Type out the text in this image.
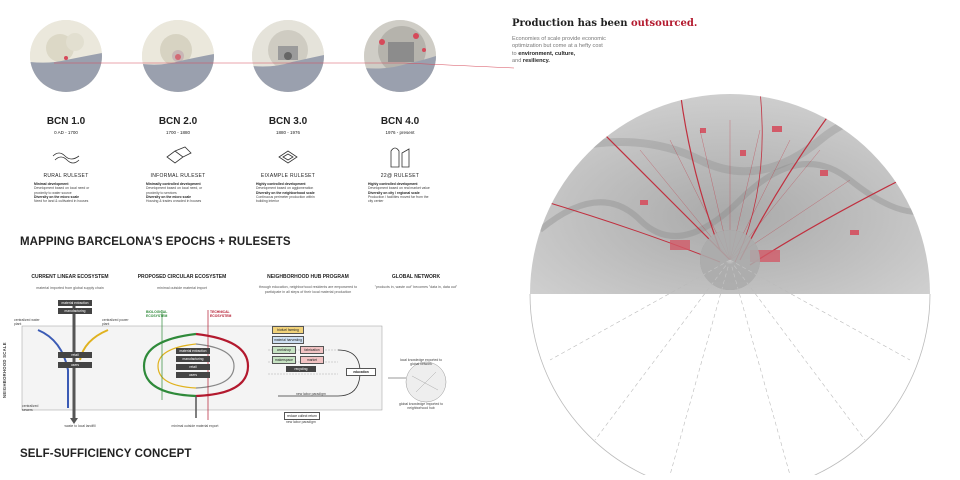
BCN 1.0
0 AD - 1700
RURAL RULESET
Minimal development
Development based on local need or proximity to water source
Diversity on the micro scale
Need for land & cultivated in houses
BCN 2.0
1700 - 1880
INFORMAL RULESET
Minimally controlled development
Development based on local need, or proximity to services
Diversity on the micro scale
Housing & trades crowded in houses
BCN 3.0
1880 - 1976
EIXAMPLE RULESET
Highly controlled development
Development based on agglomeration
Diversity on the neighborhood scale
Continuous perimeter production within building interior
BCN 4.0
1976 - present
22@ RULESET
Highly controlled development
Development based on real market value
Diversity on city / regional scale
Production / facilities moved far from the city center
MAPPING BARCELONA'S EPOCHS + RULESETS
CURRENT LINEAR ECOSYSTEM
material imported from global supply chain
PROPOSED CIRCULAR ECOSYSTEM
minimal outside material import
NEIGHBORHOOD HUB PROGRAM
through education, neighborhood residents are empowered to participate in all steps of their local material production
GLOBAL NETWORK
"products in, waste out" becomes "data in, data out"
NEIGHBORHOOD SCALE
material extraction
manufacturing
retail
users
centralized water plant
centralized power plant
centralized sewers
waste to local landfill
BIOLOGICAL ECOSYSTEM
TECHNICAL ECOSYSTEM
material extraction
manufacturing
retail
users
minimal outside material export
biofuel farming
material harvesting
workshop	fabrication
makerspace	market
recycling
education
new labor paradigm
reduce collect return
new labor paradigm
local knowledge exported to global network
global knowledge imported to neighborhood hub
SELF-SUFFICIENCY CONCEPT
Production has been outsourced.
Economies of scale provide economic
optimization but come at a hefty cost
to environment, culture,
and resiliency.
